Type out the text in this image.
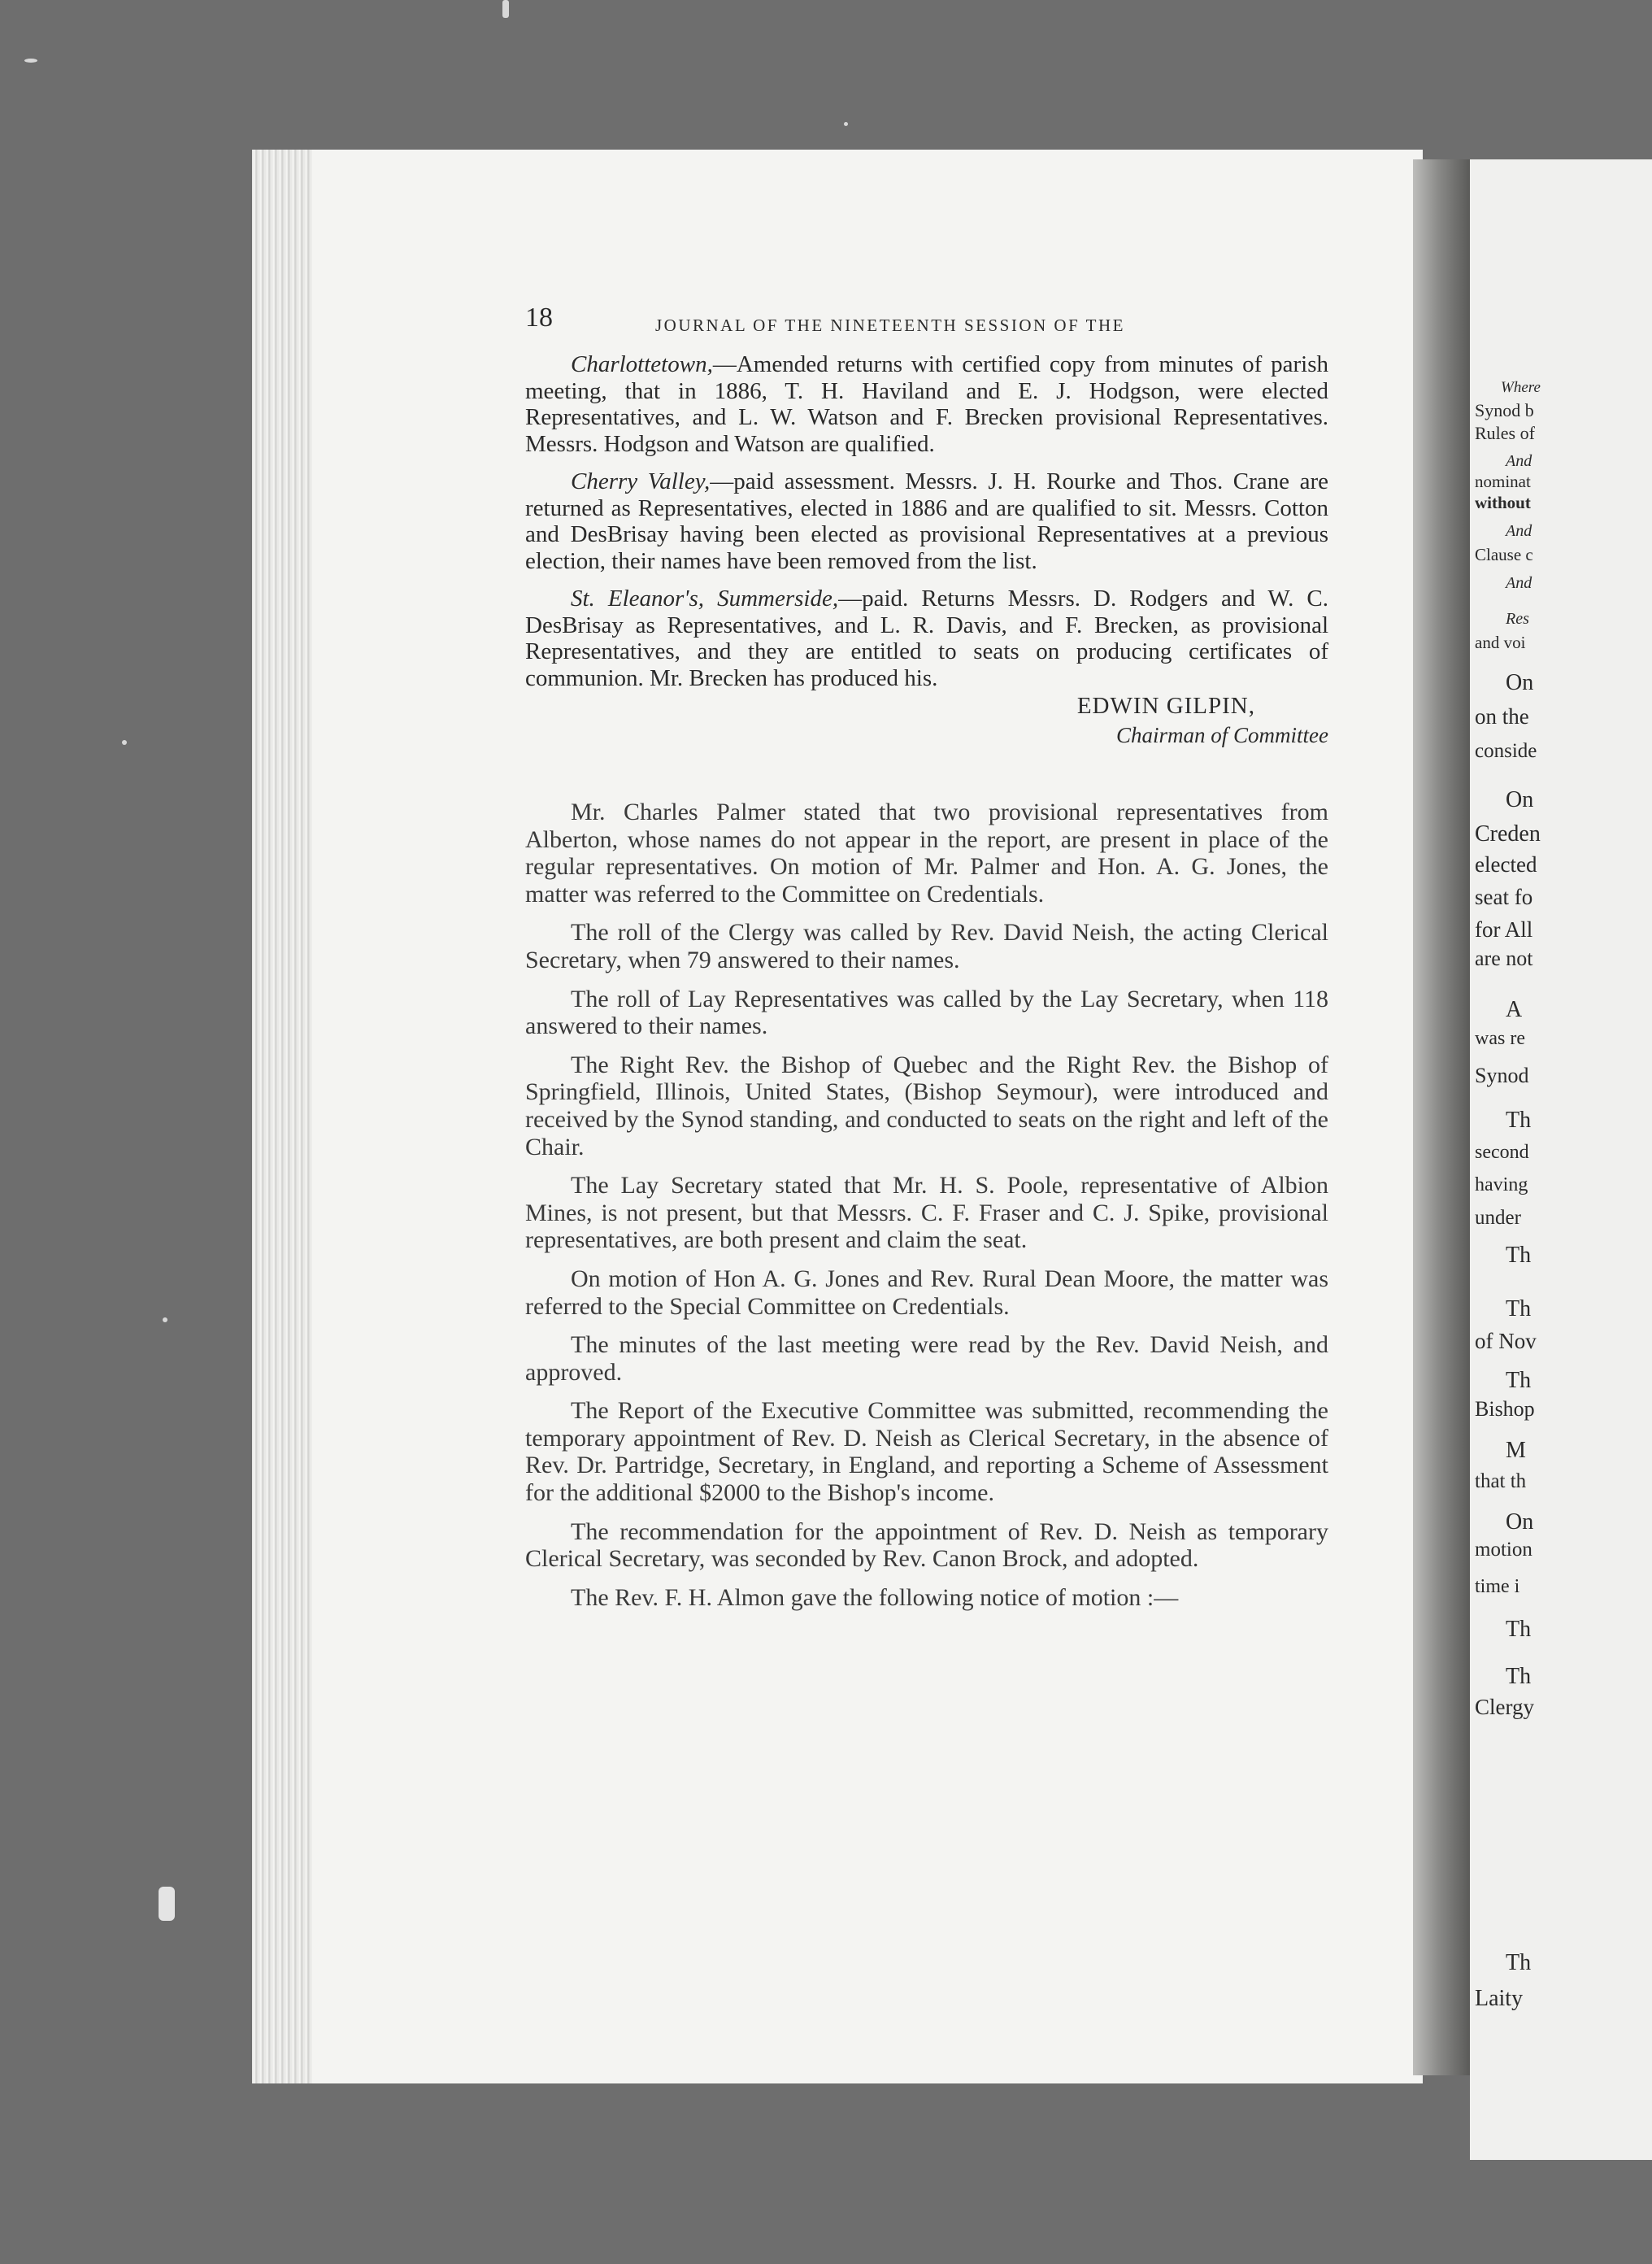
Where
Synod b
Rules of
And
nominat
without
And
Clause c
And
Res
and voi
On
on the
conside
On
Creden
elected
seat fo
for All
are not
A
was re
Synod
Th
second
having
under
Th
Th
of Nov
Th
Bishop
M
that th
On
motion
time i
Th
Th
Clergy
Th
Laity
18	JOURNAL OF THE NINETEENTH SESSION OF THE

Charlottetown,—Amended returns with certified copy from minutes of parish meeting, that in 1886, T. H. Haviland and E. J. Hodgson, were elected Representatives, and L. W. Watson and F. Brecken provisional Representatives. Messrs. Hodgson and Watson are qualified.

Cherry Valley,—paid assessment. Messrs. J. H. Rourke and Thos. Crane are returned as Representatives, elected in 1886 and are qualified to sit. Messrs. Cotton and DesBrisay having been elected as provisional Representatives at a previous election, their names have been removed from the list.

St. Eleanor's, Summerside,—paid. Returns Messrs. D. Rodgers and W. C. DesBrisay as Representatives, and L. R. Davis, and F. Brecken, as provisional Representatives, and they are entitled to seats on producing certificates of communion. Mr. Brecken has produced his.

EDWIN GILPIN,
Chairman of Committee

Mr. Charles Palmer stated that two provisional representatives from Alberton, whose names do not appear in the report, are present in place of the regular representatives. On motion of Mr. Palmer and Hon. A. G. Jones, the matter was referred to the Committee on Credentials.

The roll of the Clergy was called by Rev. David Neish, the acting Clerical Secretary, when 79 answered to their names.

The roll of Lay Representatives was called by the Lay Secretary, when 118 answered to their names.

The Right Rev. the Bishop of Quebec and the Right Rev. the Bishop of Springfield, Illinois, United States, (Bishop Seymour), were introduced and received by the Synod standing, and conducted to seats on the right and left of the Chair.

The Lay Secretary stated that Mr. H. S. Poole, representative of Albion Mines, is not present, but that Messrs. C. F. Fraser and C. J. Spike, provisional representatives, are both present and claim the seat.

On motion of Hon A. G. Jones and Rev. Rural Dean Moore, the matter was referred to the Special Committee on Credentials.

The minutes of the last meeting were read by the Rev. David Neish, and approved.

The Report of the Executive Committee was submitted, recommending the temporary appointment of Rev. D. Neish as Clerical Secretary, in the absence of Rev. Dr. Partridge, Secretary, in England, and reporting a Scheme of Assessment for the additional $2000 to the Bishop's income.

The recommendation for the appointment of Rev. D. Neish as temporary Clerical Secretary, was seconded by Rev. Canon Brock, and adopted.

The Rev. F. H. Almon gave the following notice of motion :—
